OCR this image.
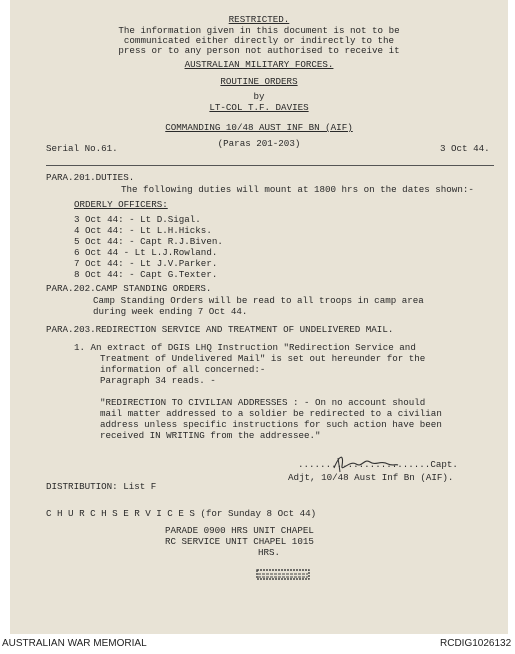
RESTRICTED.
The information given in this document is not to be
communicated either directly or indirectly to the
press or to any person not authorised to receive it
AUSTRALIAN MILITARY FORCES.
ROUTINE ORDERS
by
LT-COL T.F. DAVIES
COMMANDING 10/48 AUST INF BN (AIF)
(Paras 201-203)
Serial No.61.	3 Oct 44.
PARA.201.DUTIES.
The following duties will mount at 1800 hrs on the dates shown:-
ORDERLY OFFICERS:
3 Oct 44: - Lt D.Sigal.
4 Oct 44: - Lt L.H.Hicks.
5 Oct 44: - Capt R.J.Biven.
6 Oct 44 - Lt L.J.Rowland.
7 Oct 44: - Lt J.V.Parker.
8 Oct 44: - Capt G.Texter.
PARA.202.CAMP STANDING ORDERS.
Camp Standing Orders will be read to all troops in camp area
during week ending 7 Oct 44.
PARA.203.REDIRECTION SERVICE AND TREATMENT OF UNDELIVERED MAIL.
1. An extract of DGIS LHQ Instruction "Redirection Service and
Treatment of Undelivered Mail" is set out hereunder for the
information of all concerned:-
Paragraph 34 reads. -
"REDIRECTION TO CIVILIAN ADDRESSES : - On no account should
mail matter addressed to a soldier be redirected to a civilian
address unless specific instructions for such action have been
received IN WRITING from the addressee."
........................Capt.
Adjt, 10/48 Aust Inf Bn (AIF).
DISTRIBUTION: List F
C H U R C H S E R V I C E S (for Sunday 8 Oct 44)
PARADE 0900 HRS UNIT CHAPEL
RC SERVICE UNIT CHAPEL 1015
HRS.
AUSTRALIAN WAR MEMORIAL	RCDIG1026132
